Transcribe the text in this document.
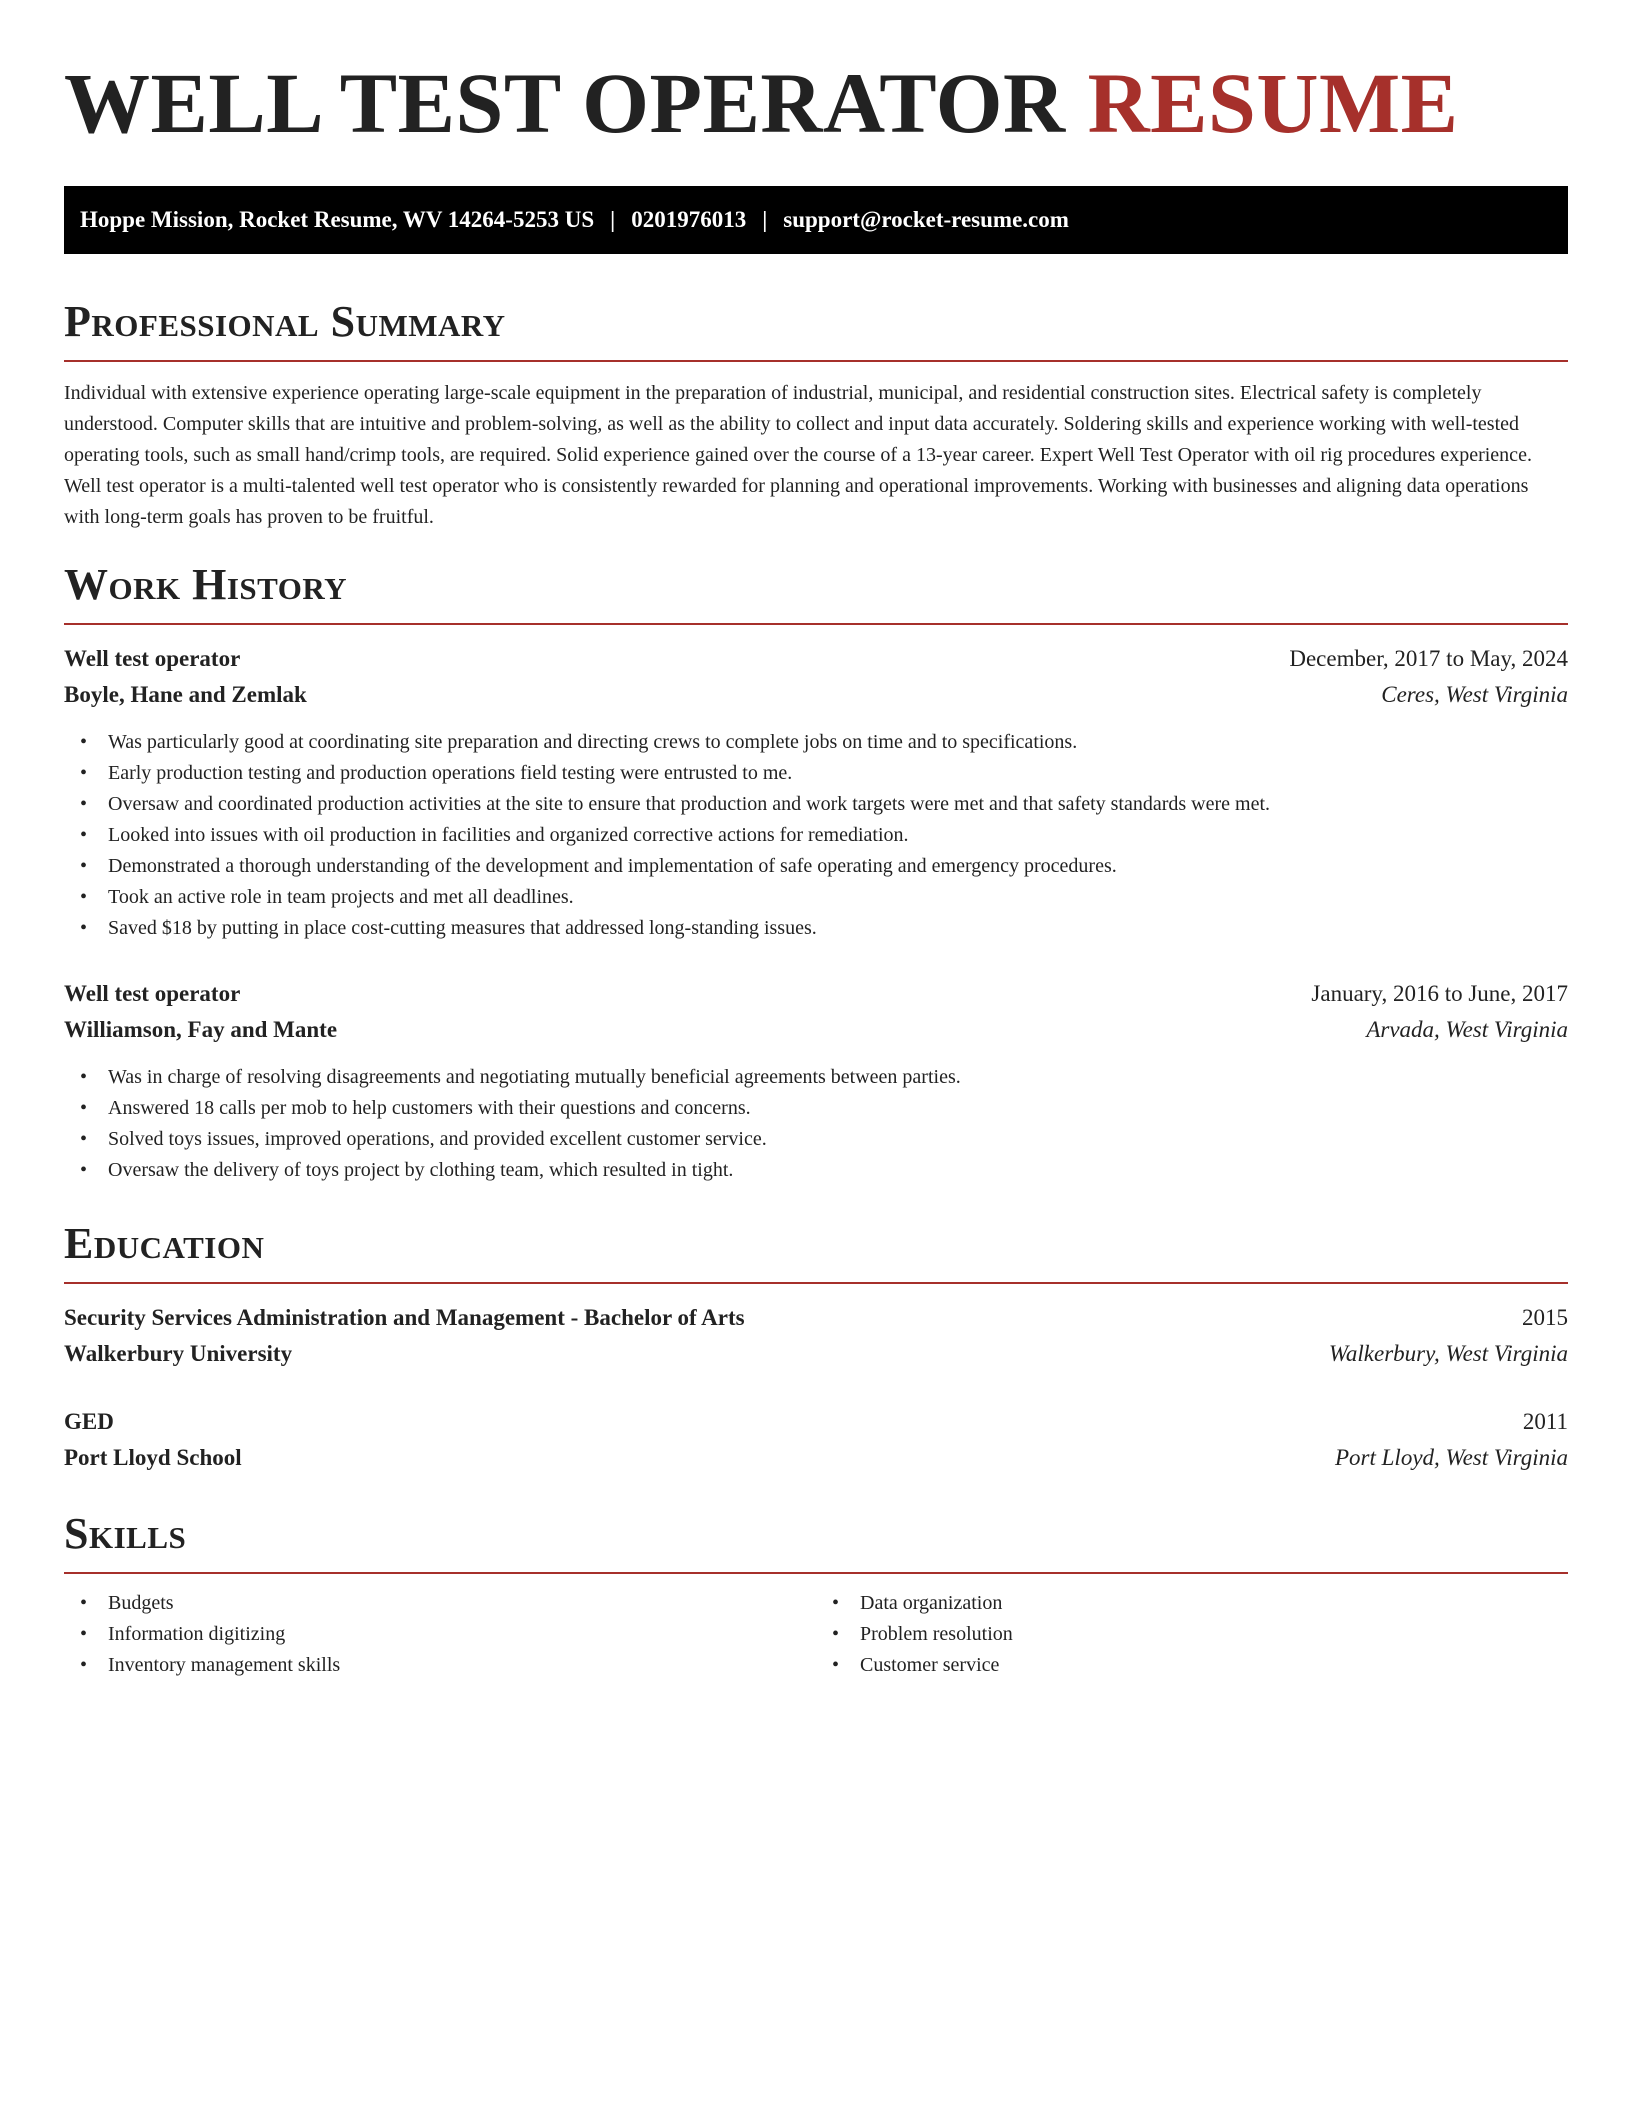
WELL TEST OPERATOR RESUME
Hoppe Mission, Rocket Resume, WV 14264-5253 US | 0201976013 | support@rocket-resume.com
Professional Summary

Individual with extensive experience operating large-scale equipment in the preparation of industrial, municipal, and residential construction sites. Electrical safety is completely understood. Computer skills that are intuitive and problem-solving, as well as the ability to collect and input data accurately. Soldering skills and experience working with well-tested operating tools, such as small hand/crimp tools, are required. Solid experience gained over the course of a 13-year career. Expert Well Test Operator with oil rig procedures experience. Well test operator is a multi-talented well test operator who is consistently rewarded for planning and operational improvements. Working with businesses and aligning data operations with long-term goals has proven to be fruitful.

Work History
Well test operator	December, 2017 to May, 2024
Boyle, Hane and Zemlak	Ceres, West Virginia
• Was particularly good at coordinating site preparation and directing crews to complete jobs on time and to specifications.
• Early production testing and production operations field testing were entrusted to me.
• Oversaw and coordinated production activities at the site to ensure that production and work targets were met and that safety standards were met.
• Looked into issues with oil production in facilities and organized corrective actions for remediation.
• Demonstrated a thorough understanding of the development and implementation of safe operating and emergency procedures.
• Took an active role in team projects and met all deadlines.
• Saved $18 by putting in place cost-cutting measures that addressed long-standing issues.
Well test operator	January, 2016 to June, 2017
Williamson, Fay and Mante	Arvada, West Virginia
• Was in charge of resolving disagreements and negotiating mutually beneficial agreements between parties.
• Answered 18 calls per mob to help customers with their questions and concerns.
• Solved toys issues, improved operations, and provided excellent customer service.
• Oversaw the delivery of toys project by clothing team, which resulted in tight.
Education
Security Services Administration and Management - Bachelor of Arts	2015
Walkerbury University	Walkerbury, West Virginia
GED	2011
Port Lloyd School	Port Lloyd, West Virginia
Skills
• Budgets
• Information digitizing
• Inventory management skills
• Data organization
• Problem resolution
• Customer service
